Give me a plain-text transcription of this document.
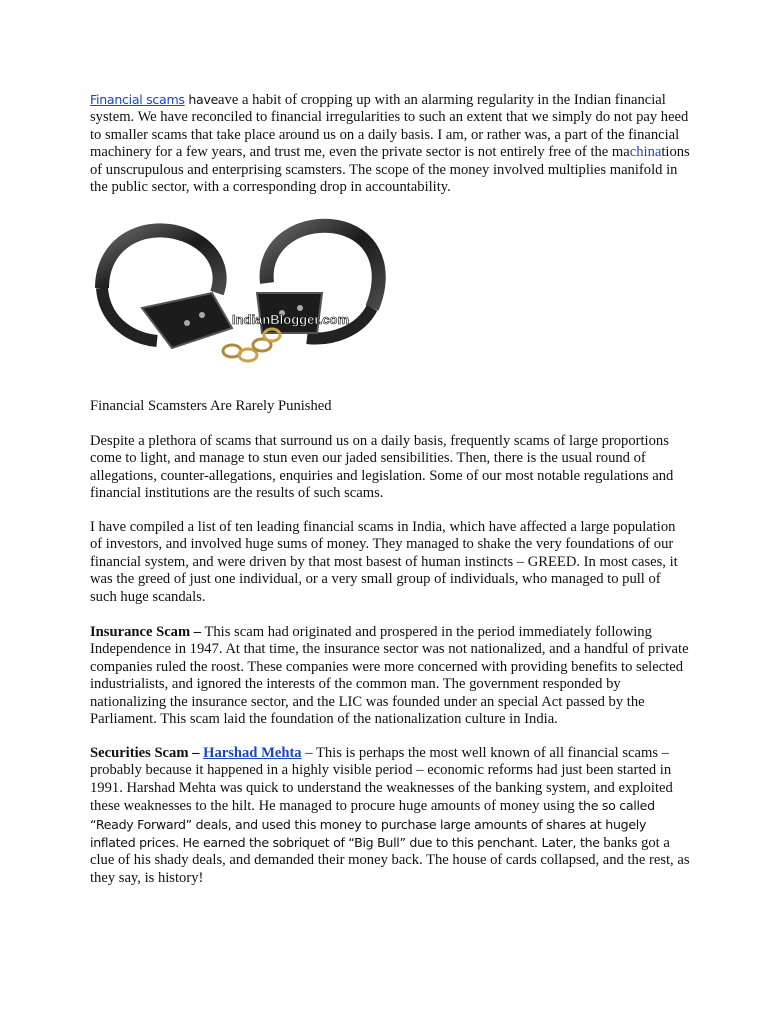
Financial scams haveave a habit of cropping up with an alarming regularity in the Indian financial system. We have reconciled to financial irregularities to such an extent that we simply do not pay heed to smaller scams that take place around us on a daily basis. I am, or rather was, a part of the financial machinery for a few years, and trust me, even the private sector is not entirely free of the machinations of unscrupulous and enterprising scamsters. The scope of the money involved multiplies manifold in the public sector, with a corresponding drop in accountability.

IndianBlogger.com

Financial Scamsters Are Rarely Punished

Despite a plethora of scams that surround us on a daily basis, frequently scams of large proportions come to light, and manage to stun even our jaded sensibilities. Then, there is the usual round of allegations, counter-allegations, enquiries and legislation. Some of our most notable regulations and financial institutions are the results of such scams.

I have compiled a list of ten leading financial scams in India, which have affected a large population of investors, and involved huge sums of money. They managed to shake the very foundations of our financial system, and were driven by that most basest of human instincts – GREED. In most cases, it was the greed of just one individual, or a very small group of individuals, who managed to pull of such huge scandals.

Insurance Scam – This scam had originated and prospered in the period immediately following Independence in 1947. At that time, the insurance sector was not nationalized, and a handful of private companies ruled the roost. These companies were more concerned with providing benefits to selected industrialists, and ignored the interests of the common man. The government responded by nationalizing the insurance sector, and the LIC was founded under an special Act passed by the Parliament. This scam laid the foundation of the nationalization culture in India.

Securities Scam – Harshad Mehta – This is perhaps the most well known of all financial scams – probably because it happened in a highly visible period – economic reforms had just been started in 1991. Harshad Mehta was quick to understand the weaknesses of the banking system, and exploited these weaknesses to the hilt. He managed to procure huge amounts of money using the so called “Ready Forward” deals, and used this money to purchase large amounts of shares at hugely inflated prices. He earned the sobriquet of “Big Bull” due to this penchant. Later, the banks got a clue of his shady deals, and demanded their money back. The house of cards collapsed, and the rest, as they say, is history!
